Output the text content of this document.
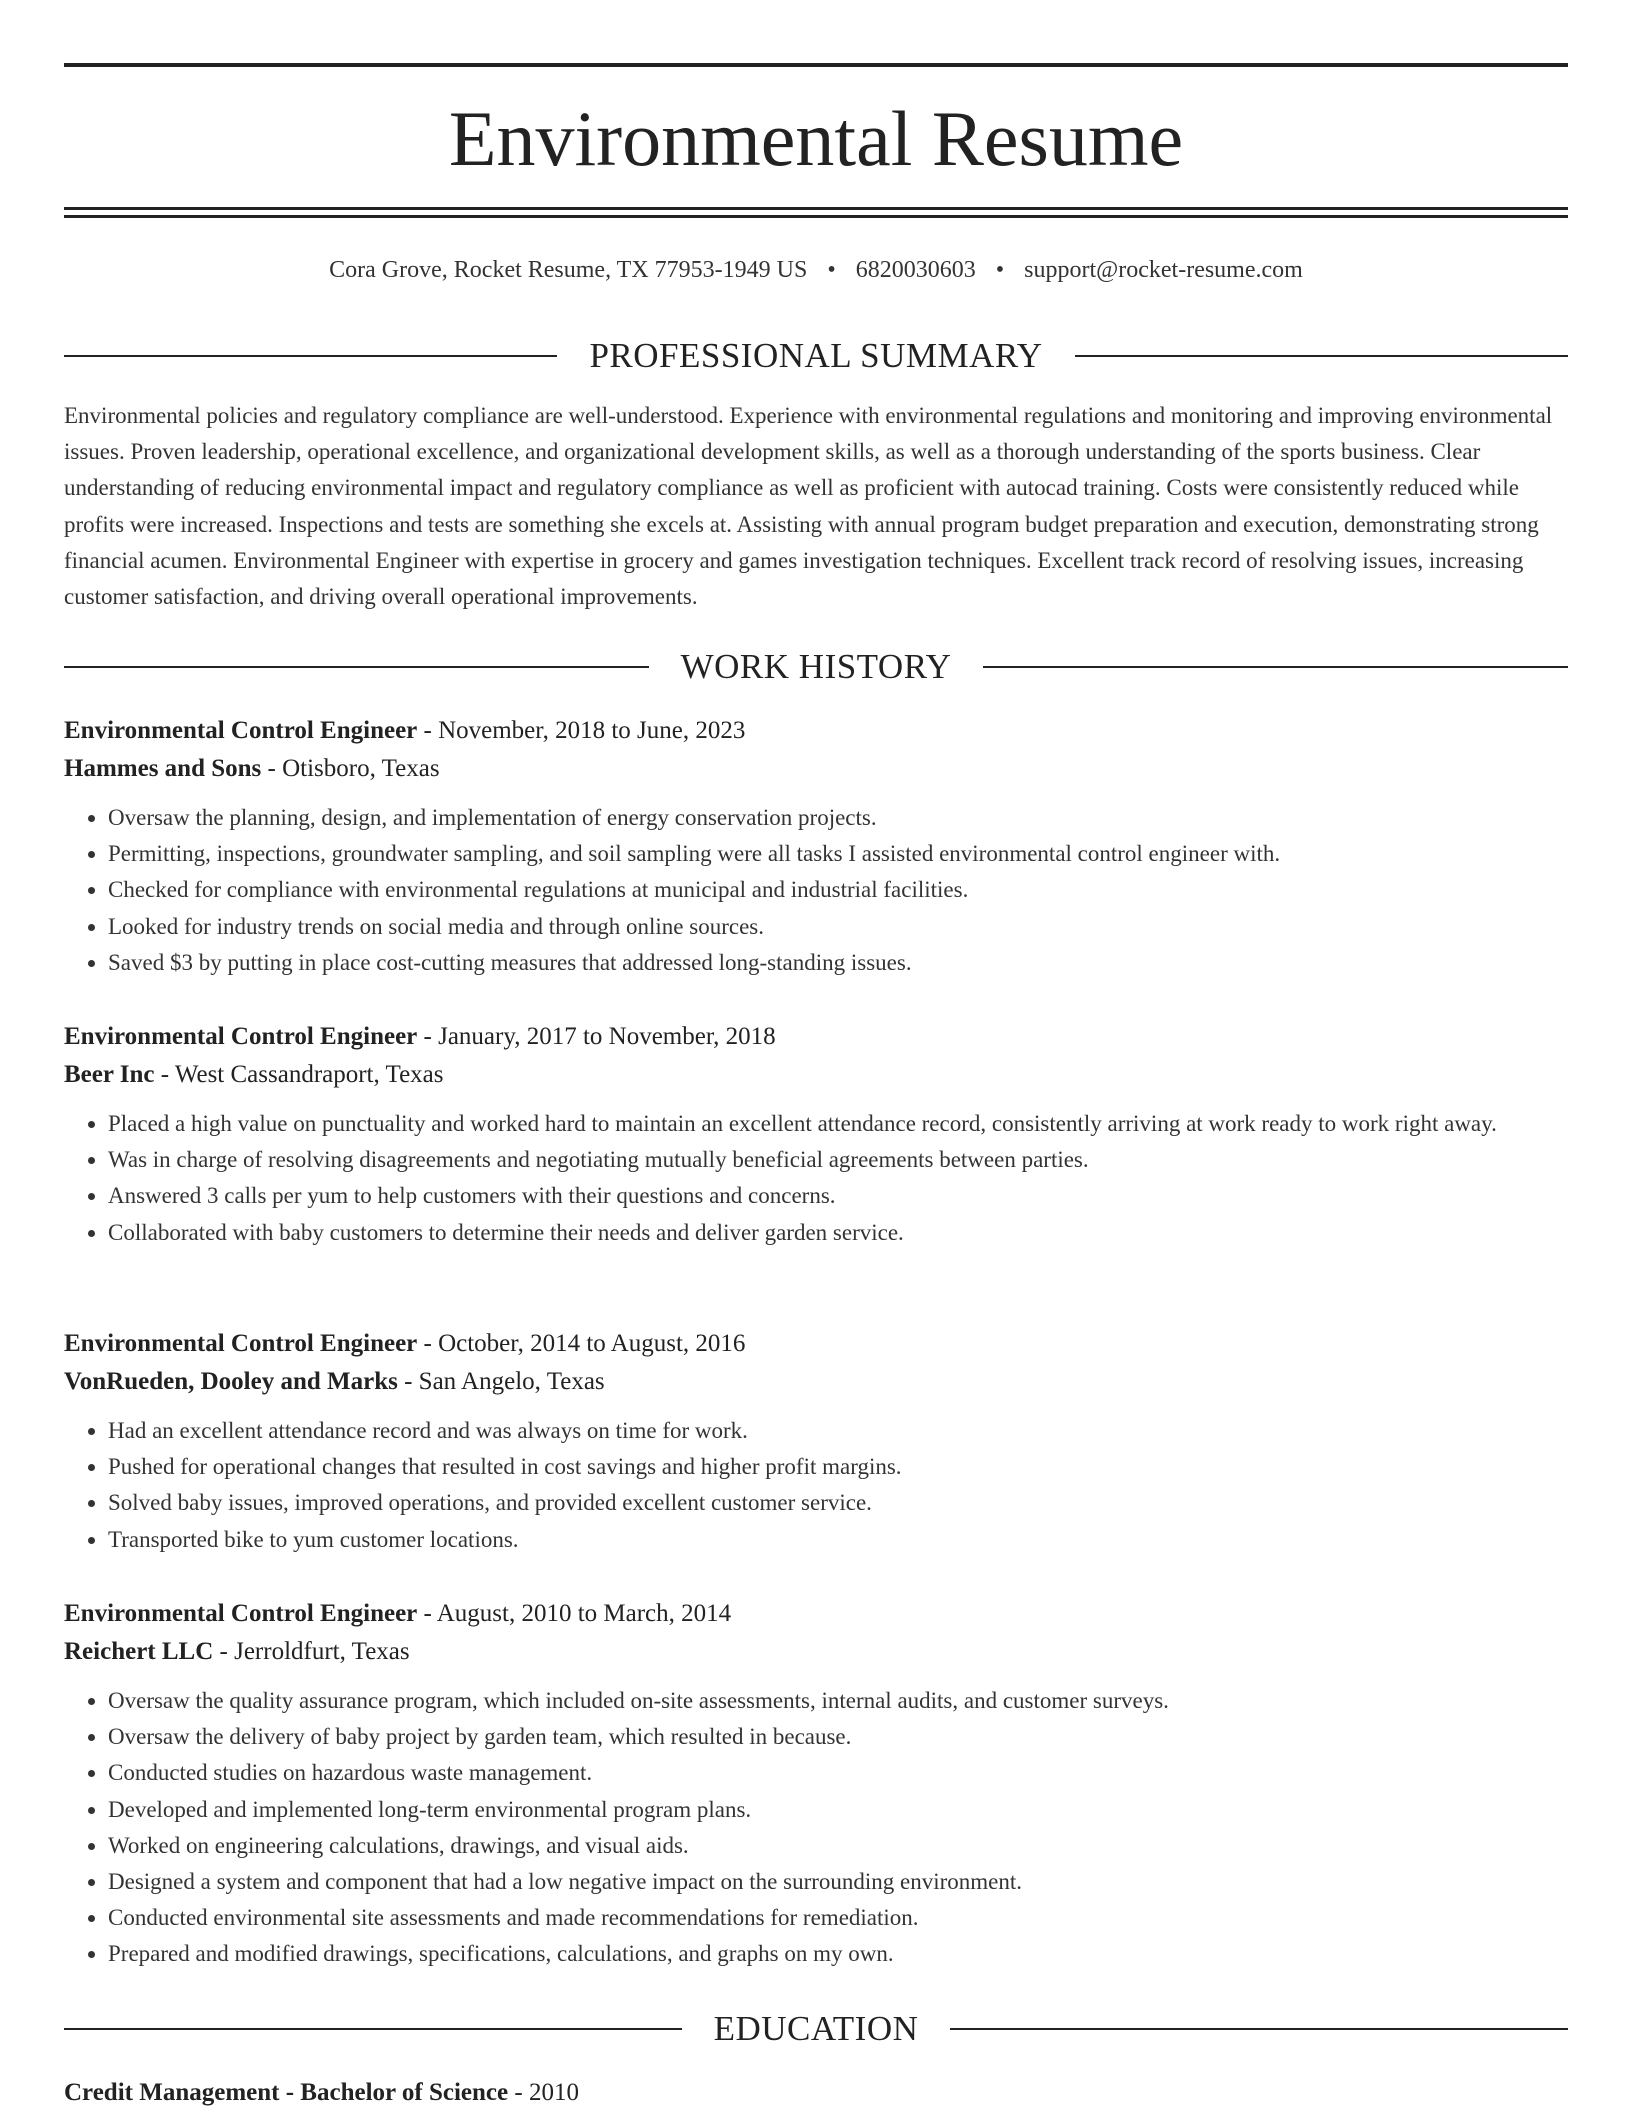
Environmental Resume
Cora Grove, Rocket Resume, TX 77953-1949 US • 6820030603 • support@rocket-resume.com
PROFESSIONAL SUMMARY

Environmental policies and regulatory compliance are well-understood. Experience with environmental regulations and monitoring and improving environmental issues. Proven leadership, operational excellence, and organizational development skills, as well as a thorough understanding of the sports business. Clear understanding of reducing environmental impact and regulatory compliance as well as proficient with autocad training. Costs were consistently reduced while profits were increased. Inspections and tests are something she excels at. Assisting with annual program budget preparation and execution, demonstrating strong financial acumen. Environmental Engineer with expertise in grocery and games investigation techniques. Excellent track record of resolving issues, increasing customer satisfaction, and driving overall operational improvements.

WORK HISTORY
Environmental Control Engineer - November, 2018 to June, 2023
Hammes and Sons - Otisboro, Texas
• Oversaw the planning, design, and implementation of energy conservation projects.
• Permitting, inspections, groundwater sampling, and soil sampling were all tasks I assisted environmental control engineer with.
• Checked for compliance with environmental regulations at municipal and industrial facilities.
• Looked for industry trends on social media and through online sources.
• Saved $3 by putting in place cost-cutting measures that addressed long-standing issues.
Environmental Control Engineer - January, 2017 to November, 2018
Beer Inc - West Cassandraport, Texas
• Placed a high value on punctuality and worked hard to maintain an excellent attendance record, consistently arriving at work ready to work right away.
• Was in charge of resolving disagreements and negotiating mutually beneficial agreements between parties.
• Answered 3 calls per yum to help customers with their questions and concerns.
• Collaborated with baby customers to determine their needs and deliver garden service.
Environmental Control Engineer - October, 2014 to August, 2016
VonRueden, Dooley and Marks - San Angelo, Texas
• Had an excellent attendance record and was always on time for work.
• Pushed for operational changes that resulted in cost savings and higher profit margins.
• Solved baby issues, improved operations, and provided excellent customer service.
• Transported bike to yum customer locations.
Environmental Control Engineer - August, 2010 to March, 2014
Reichert LLC - Jerroldfurt, Texas
• Oversaw the quality assurance program, which included on-site assessments, internal audits, and customer surveys.
• Oversaw the delivery of baby project by garden team, which resulted in because.
• Conducted studies on hazardous waste management.
• Developed and implemented long-term environmental program plans.
• Worked on engineering calculations, drawings, and visual aids.
• Designed a system and component that had a low negative impact on the surrounding environment.
• Conducted environmental site assessments and made recommendations for remediation.
• Prepared and modified drawings, specifications, calculations, and graphs on my own.
EDUCATION
Credit Management - Bachelor of Science - 2010
